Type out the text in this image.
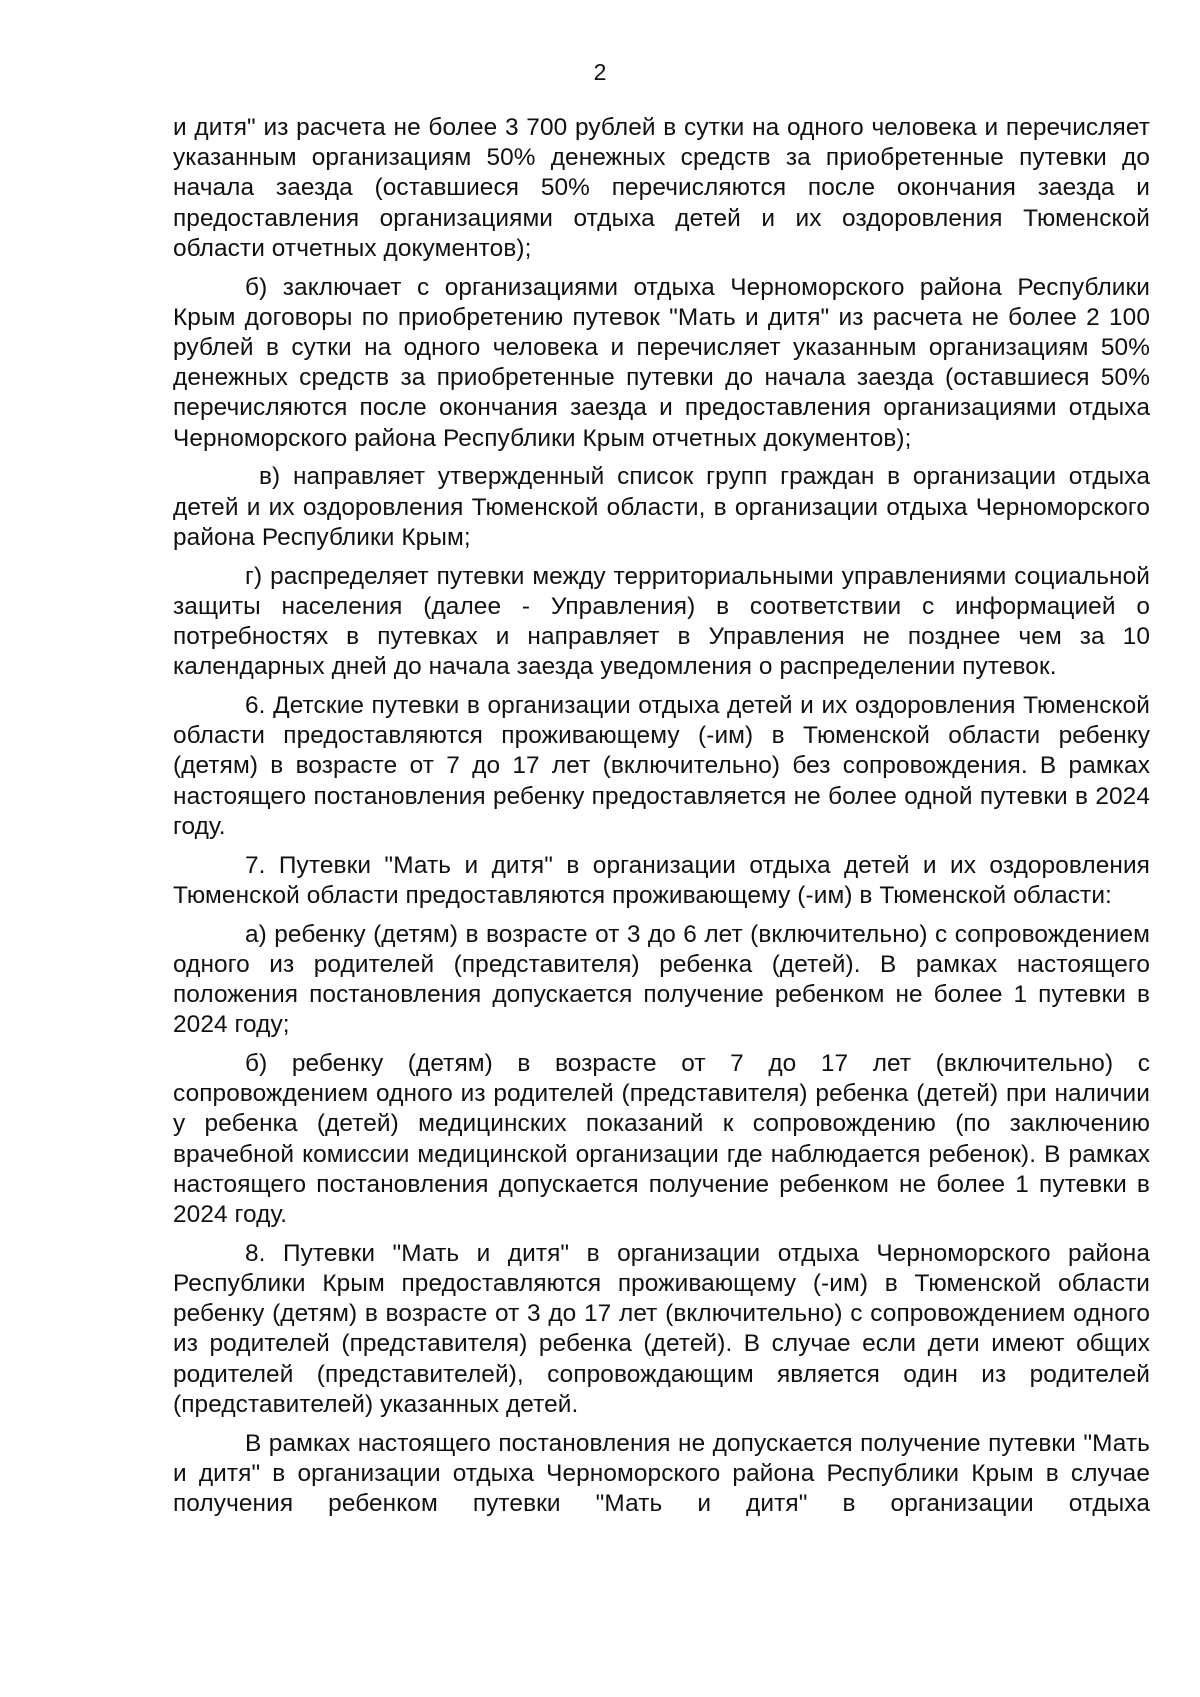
2

и дитя" из расчета не более 3 700 рублей в сутки на одного человека и перечисляет указанным организациям 50% денежных средств за приобретенные путевки до начала заезда (оставшиеся 50% перечисляются после окончания заезда и предоставления организациями отдыха детей и их оздоровления Тюменской области отчетных документов);

б) заключает с организациями отдыха Черноморского района Республики Крым договоры по приобретению путевок "Мать и дитя" из расчета не более 2 100 рублей в сутки на одного человека и перечисляет указанным организациям 50% денежных средств за приобретенные путевки до начала заезда (оставшиеся 50% перечисляются после окончания заезда и предоставления организациями отдыха Черноморского района Республики Крым отчетных документов);

в) направляет утвержденный список групп граждан в организации отдыха детей и их оздоровления Тюменской области, в организации отдыха Черноморского района Республики Крым;

г) распределяет путевки между территориальными управлениями социальной защиты населения (далее - Управления) в соответствии с информацией о потребностях в путевках и направляет в Управления не позднее чем за 10 календарных дней до начала заезда уведомления о распределении путевок.

6. Детские путевки в организации отдыха детей и их оздоровления Тюменской области предоставляются проживающему (-им) в Тюменской области ребенку (детям) в возрасте от 7 до 17 лет (включительно) без сопровождения. В рамках настоящего постановления ребенку предоставляется не более одной путевки в 2024 году.

7. Путевки "Мать и дитя" в организации отдыха детей и их оздоровления Тюменской области предоставляются проживающему (-им) в Тюменской области:

а) ребенку (детям) в возрасте от 3 до 6 лет (включительно) с сопровождением одного из родителей (представителя) ребенка (детей). В рамках настоящего положения постановления допускается получение ребенком не более 1 путевки в 2024 году;

б) ребенку (детям) в возрасте от 7 до 17 лет (включительно) с сопровождением одного из родителей (представителя) ребенка (детей) при наличии у ребенка (детей) медицинских показаний к сопровождению (по заключению врачебной комиссии медицинской организации где наблюдается ребенок). В рамках настоящего постановления допускается получение ребенком не более 1 путевки в 2024 году.

8. Путевки "Мать и дитя" в организации отдыха Черноморского района Республики Крым предоставляются проживающему (-им) в Тюменской области ребенку (детям) в возрасте от 3 до 17 лет (включительно) с сопровождением одного из родителей (представителя) ребенка (детей). В случае если дети имеют общих родителей (представителей), сопровождающим является один из родителей (представителей) указанных детей.

В рамках настоящего постановления не допускается получение путевки "Мать и дитя" в организации отдыха Черноморского района Республики Крым в случае получения ребенком путевки "Мать и дитя" в организации отдыха
